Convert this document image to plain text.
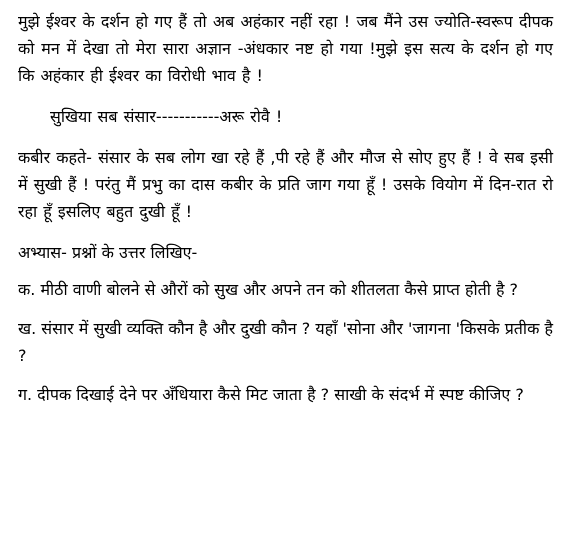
मुझे ईश्वर के दर्शन हो गए हैं तो अब अहंकार नहीं रहा ! जब मैंने उस ज्योति-स्वरूप दीपक को मन में देखा तो मेरा सारा अज्ञान -अंधकार नष्ट हो गया !मुझे इस सत्य के दर्शन हो गए कि अहंकार ही ईश्वर का विरोधी भाव है !

सुखिया सब संसार-----------अरू रोवै !

कबीर कहते- संसार के सब लोग खा रहे हैं ,पी रहे हैं और मौज से सोए हुए हैं ! वे सब इसी में सुखी हैं ! परंतु मैं प्रभु का दास कबीर के प्रति जाग गया हूँ ! उसके वियोग में दिन-रात रो रहा हूँ इसलिए बहुत दुखी हूँ !

अभ्यास- प्रश्नों के उत्तर लिखिए-

क. मीठी वाणी बोलने से औरों को सुख और अपने तन को शीतलता कैसे प्राप्त होती है ?

ख. संसार में सुखी व्यक्ति कौन है और दुखी कौन ? यहाँ 'सोना और 'जागना 'किसके प्रतीक है ?

ग. दीपक दिखाई देने पर अँधियारा कैसे मिट जाता है ? साखी के संदर्भ में स्पष्ट कीजिए ?
